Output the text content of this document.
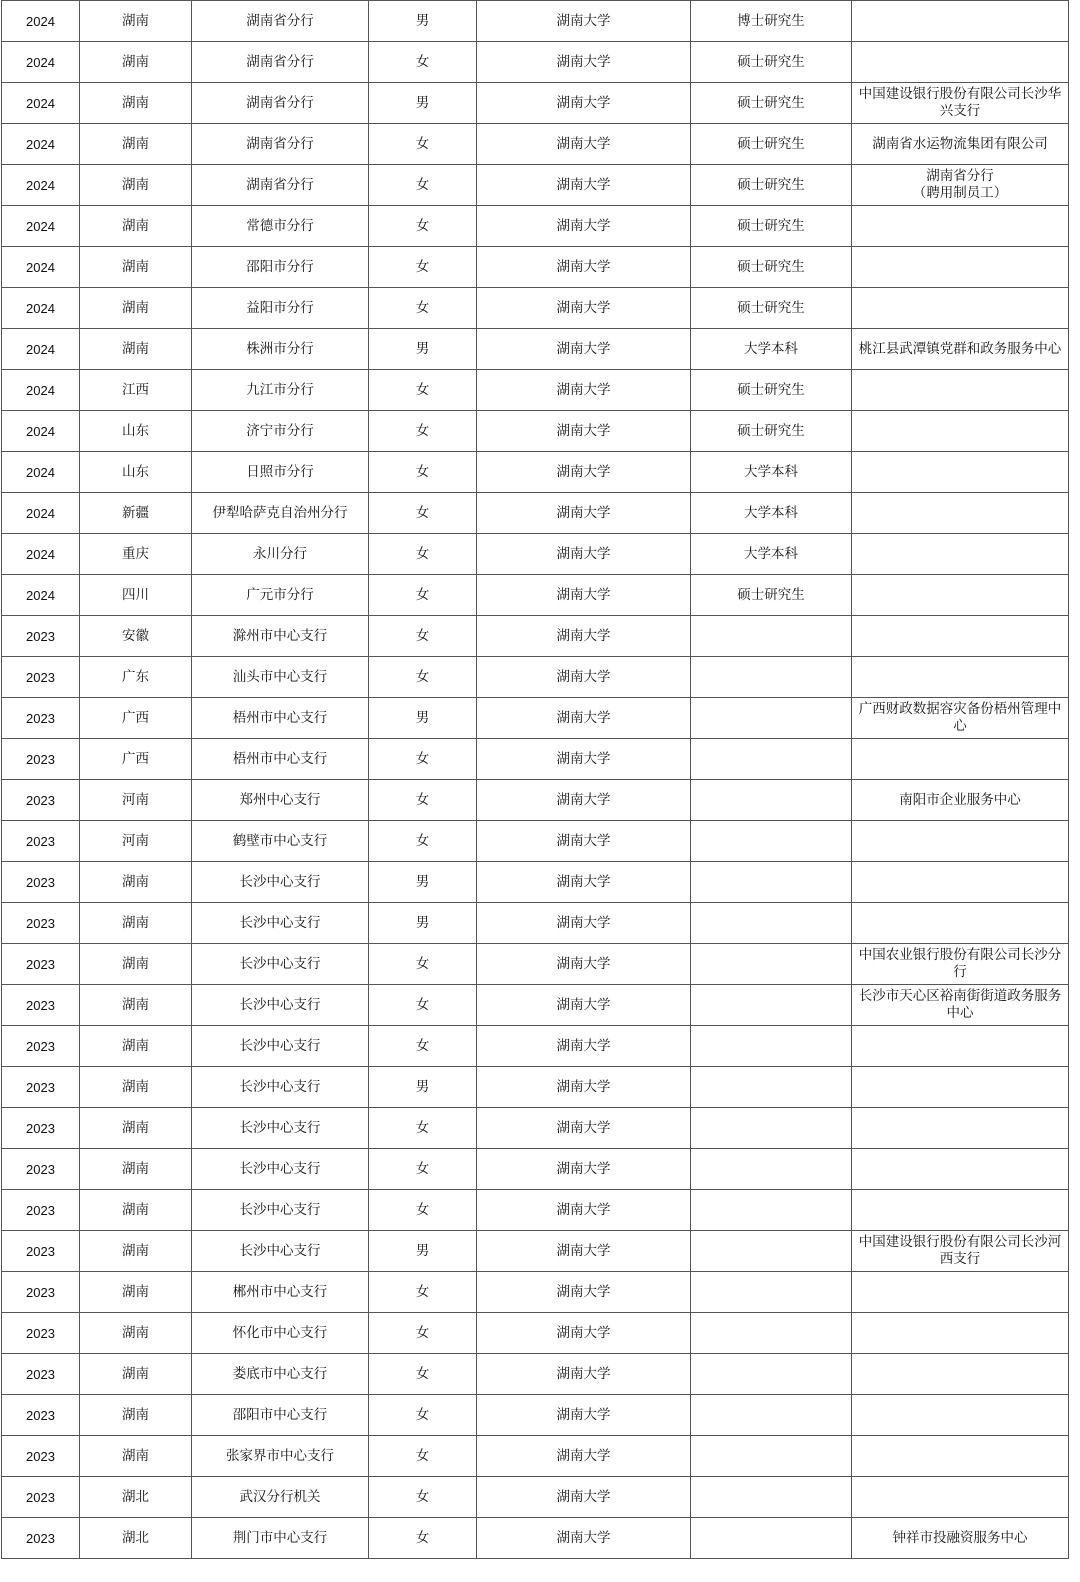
2024	湖南	湖南省分行	男	湖南大学	博士研究生	
2024	湖南	湖南省分行	女	湖南大学	硕士研究生	
2024	湖南	湖南省分行	男	湖南大学	硕士研究生	中国建设银行股份有限公司长沙华兴支行
2024	湖南	湖南省分行	女	湖南大学	硕士研究生	湖南省水运物流集团有限公司
2024	湖南	湖南省分行	女	湖南大学	硕士研究生	湖南省分行
（聘用制员工）
2024	湖南	常德市分行	女	湖南大学	硕士研究生	
2024	湖南	邵阳市分行	女	湖南大学	硕士研究生	
2024	湖南	益阳市分行	女	湖南大学	硕士研究生	
2024	湖南	株洲市分行	男	湖南大学	大学本科	桃江县武潭镇党群和政务服务中心
2024	江西	九江市分行	女	湖南大学	硕士研究生	
2024	山东	济宁市分行	女	湖南大学	硕士研究生	
2024	山东	日照市分行	女	湖南大学	大学本科	
2024	新疆	伊犁哈萨克自治州分行	女	湖南大学	大学本科	
2024	重庆	永川分行	女	湖南大学	大学本科	
2024	四川	广元市分行	女	湖南大学	硕士研究生	
2023	安徽	滁州市中心支行	女	湖南大学		
2023	广东	汕头市中心支行	女	湖南大学		
2023	广西	梧州市中心支行	男	湖南大学		广西财政数据容灾备份梧州管理中心
2023	广西	梧州市中心支行	女	湖南大学		
2023	河南	郑州中心支行	女	湖南大学		南阳市企业服务中心
2023	河南	鹤壁市中心支行	女	湖南大学		
2023	湖南	长沙中心支行	男	湖南大学		
2023	湖南	长沙中心支行	男	湖南大学		
2023	湖南	长沙中心支行	女	湖南大学		中国农业银行股份有限公司长沙分行
2023	湖南	长沙中心支行	女	湖南大学		长沙市天心区裕南街街道政务服务中心
2023	湖南	长沙中心支行	女	湖南大学		
2023	湖南	长沙中心支行	男	湖南大学		
2023	湖南	长沙中心支行	女	湖南大学		
2023	湖南	长沙中心支行	女	湖南大学		
2023	湖南	长沙中心支行	女	湖南大学		
2023	湖南	长沙中心支行	男	湖南大学		中国建设银行股份有限公司长沙河西支行
2023	湖南	郴州市中心支行	女	湖南大学		
2023	湖南	怀化市中心支行	女	湖南大学		
2023	湖南	娄底市中心支行	女	湖南大学		
2023	湖南	邵阳市中心支行	女	湖南大学		
2023	湖南	张家界市中心支行	女	湖南大学		
2023	湖北	武汉分行机关	女	湖南大学		
2023	湖北	荆门市中心支行	女	湖南大学		钟祥市投融资服务中心
